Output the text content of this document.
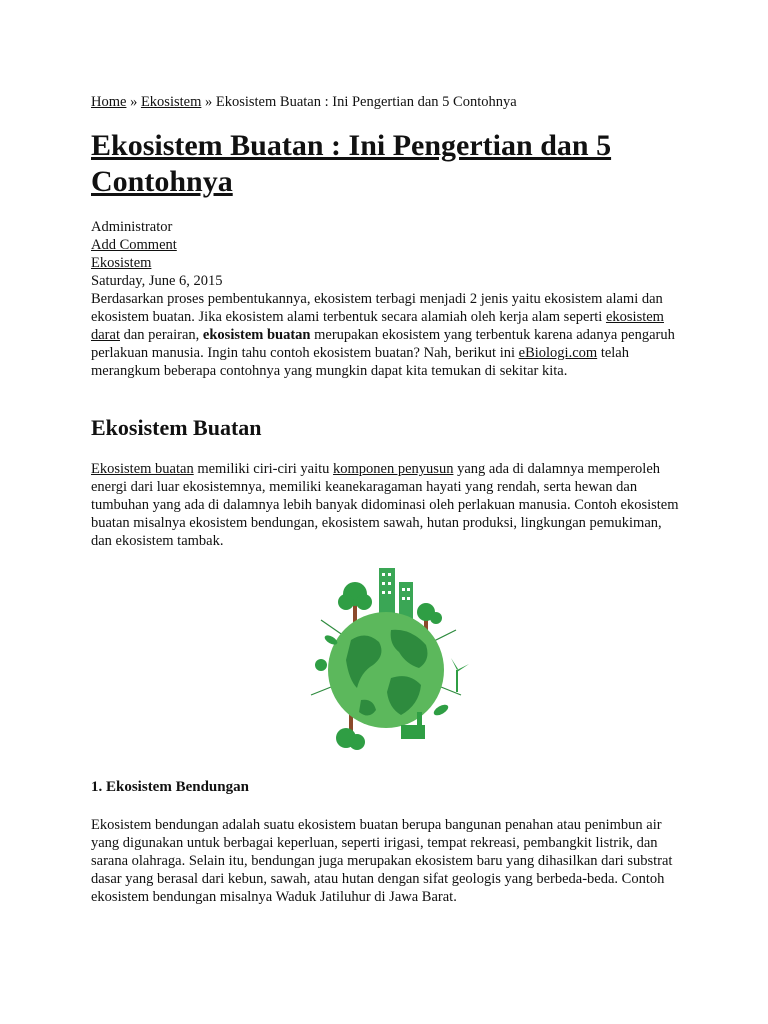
Home » Ekosistem » Ekosistem Buatan : Ini Pengertian dan 5 Contohnya
Ekosistem Buatan : Ini Pengertian dan 5 Contohnya
Administrator
Add Comment
Ekosistem
Saturday, June 6, 2015

Berdasarkan proses pembentukannya, ekosistem terbagi menjadi 2 jenis yaitu ekosistem alami dan ekosistem buatan. Jika ekosistem alami terbentuk secara alamiah oleh kerja alam seperti ekosistem darat dan perairan, ekosistem buatan merupakan ekosistem yang terbentuk karena adanya pengaruh perlakuan manusia. Ingin tahu contoh ekosistem buatan? Nah, berikut ini eBiologi.com telah merangkum beberapa contohnya yang mungkin dapat kita temukan di sekitar kita.

Ekosistem Buatan

Ekosistem buatan memiliki ciri-ciri yaitu komponen penyusun yang ada di dalamnya memperoleh energi dari luar ekosistemnya, memiliki keanekaragaman hayati yang rendah, serta hewan dan tumbuhan yang ada di dalamnya lebih banyak didominasi oleh perlakuan manusia. Contoh ekosistem buatan misalnya ekosistem bendungan, ekosistem sawah, hutan produksi, lingkungan pemukiman, dan ekosistem tambak.

1. Ekosistem Bendungan

Ekosistem bendungan adalah suatu ekosistem buatan berupa bangunan penahan atau penimbun air yang digunakan untuk berbagai keperluan, seperti irigasi, tempat rekreasi, pembangkit listrik, dan sarana olahraga. Selain itu, bendungan juga merupakan ekosistem baru yang dihasilkan dari substrat dasar yang berasal dari kebun, sawah, atau hutan dengan sifat geologis yang berbeda-beda. Contoh ekosistem bendungan misalnya Waduk Jatiluhur di Jawa Barat.
